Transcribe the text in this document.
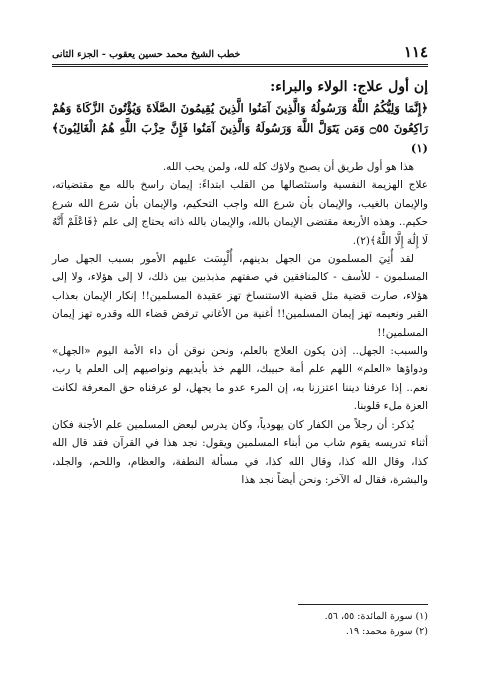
١١٤
خطب الشيخ محمد حسين يعقوب - الجزء الثانى

إن أول علاج: الولاء والبراء:

﴿إِنَّمَا وَلِيُّكُمُ اللَّهُ وَرَسُولُهُ وَالَّذِينَ آمَنُوا الَّذِينَ يُقِيمُونَ الصَّلَاةَ وَيُؤْتُونَ الزَّكَاةَ وَهُمْ رَاكِعُونَ ۝٥٥ وَمَن يَتَوَلَّ اللَّهَ وَرَسُولَهُ وَالَّذِينَ آمَنُوا فَإِنَّ حِزْبَ اللَّهِ هُمُ الْغَالِبُونَ﴾(١)

هذا هو أول طريق أن يصبح ولاؤك كله لله، ولمن يحب الله.

علاج الهزيمة النفسية واستئصالها من القلب ابتداءً: إيمان راسخ بالله مع مقتضياته، والإيمان بالغيب، والإيمان بأن شرع الله واجب التحكيم، والإيمان بأن شرع الله شرع حكيم.. وهذه الأربعة مقتضى الإيمان بالله، والإيمان بالله ذاته يحتاج إلى علم ﴿فَاعْلَمْ أَنَّهُ لَا إِلَٰهَ إِلَّا اللَّهُ﴾(٢).

لقد أُتِيَ المسلمون من الجهل بدينهم، أُلْبِسَت عليهم الأمور بسبب الجهل صار المسلمون - للأسف - كالمنافقين في صفتهم مذبذبين بين ذلك، لا إلى هؤلاء، ولا إلى هؤلاء، صارت قضية مثل قضية الاستنساخ تهز عقيدة المسلمين!! إنكار الإيمان بعذاب القبر ونعيمه تهز إيمان المسلمين!! أغنية من الأغاني ترفض قضاء الله وقدره تهز إيمان المسلمين!!

والسبب: الجهل.. إذن يكون العلاج بالعلم، ونحن نوقن أن داء الأمة اليوم «الجهل» ودواؤها «العلم» اللهم علم أمة حبيبك، اللهم خذ بأيديهم ونواصيهم إلى العلم يا رب، نعم.. إذا عرفنا ديننا اعتززنا به، إن المرء عدو ما يجهل، لو عرفناه حق المعرفة لكانت العزة ملء قلوبنا.

يُذكر: أن رجلاً من الكفار كان يهودياً، وكان يدرس لبعض المسلمين علم الأجنة فكان أثناء تدريسه يقوم شاب من أبناء المسلمين ويقول: نجد هذا في القرآن فقد قال الله كذا، وقال الله كذا، وقال الله كذا، في مسألة النطفة، والعظام، واللحم، والجلد، والبشرة، فقال له الآخر: ونحن أيضاً نجد هذا

(١) سورة المائدة: ٥٥، ٥٦.
(٢) سورة محمد: ١٩.
